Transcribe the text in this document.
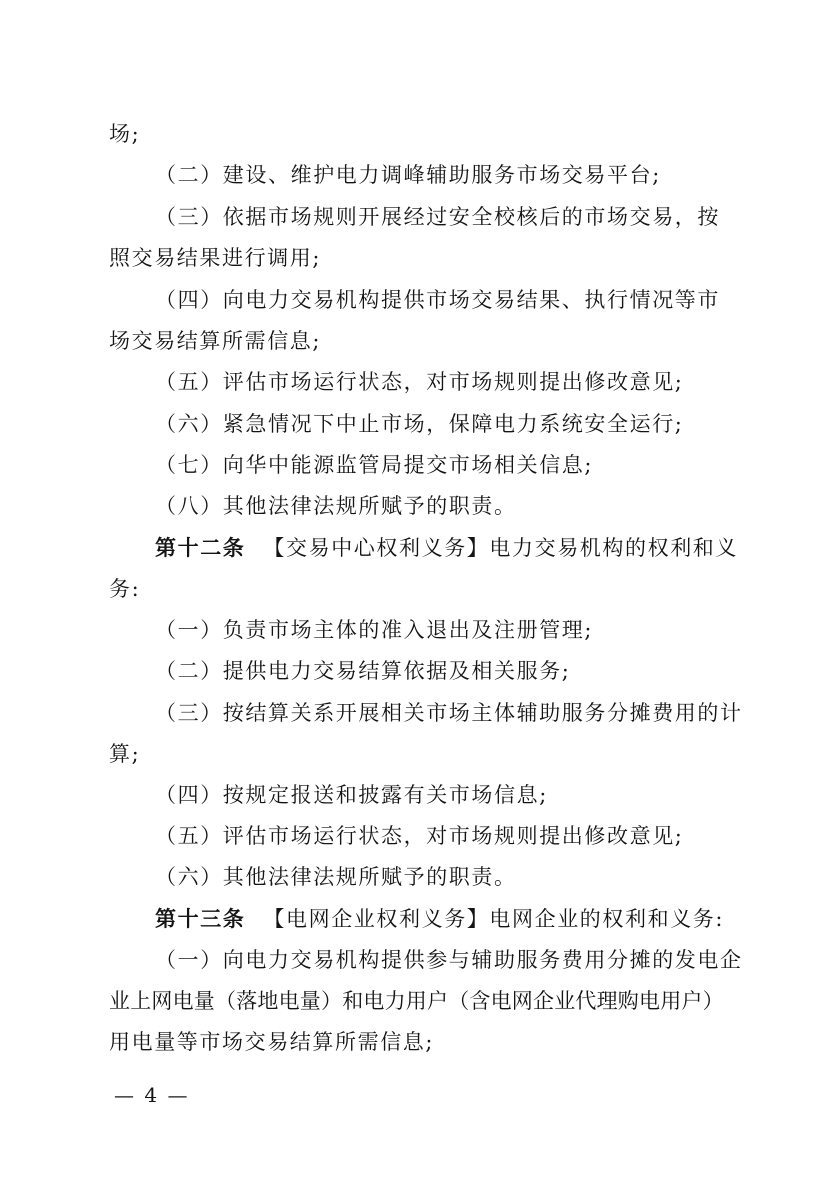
场;
（二）建设、维护电力调峰辅助服务市场交易平台;
（三）依据市场规则开展经过安全校核后的市场交易，按
照交易结果进行调用;
（四）向电力交易机构提供市场交易结果、执行情况等市
场交易结算所需信息;
（五）评估市场运行状态，对市场规则提出修改意见;
（六）紧急情况下中止市场，保障电力系统安全运行;
（七）向华中能源监管局提交市场相关信息;
（八）其他法律法规所赋予的职责。
第十二条 【交易中心权利义务】电力交易机构的权利和义
务:
（一）负责市场主体的准入退出及注册管理;
（二）提供电力交易结算依据及相关服务;
（三）按结算关系开展相关市场主体辅助服务分摊费用的计
算;
（四）按规定报送和披露有关市场信息;
（五）评估市场运行状态，对市场规则提出修改意见;
（六）其他法律法规所赋予的职责。
第十三条 【电网企业权利义务】电网企业的权利和义务:
（一）向电力交易机构提供参与辅助服务费用分摊的发电企
业上网电量（落地电量）和电力用户（含电网企业代理购电用户）
用电量等市场交易结算所需信息;
— 4 —
